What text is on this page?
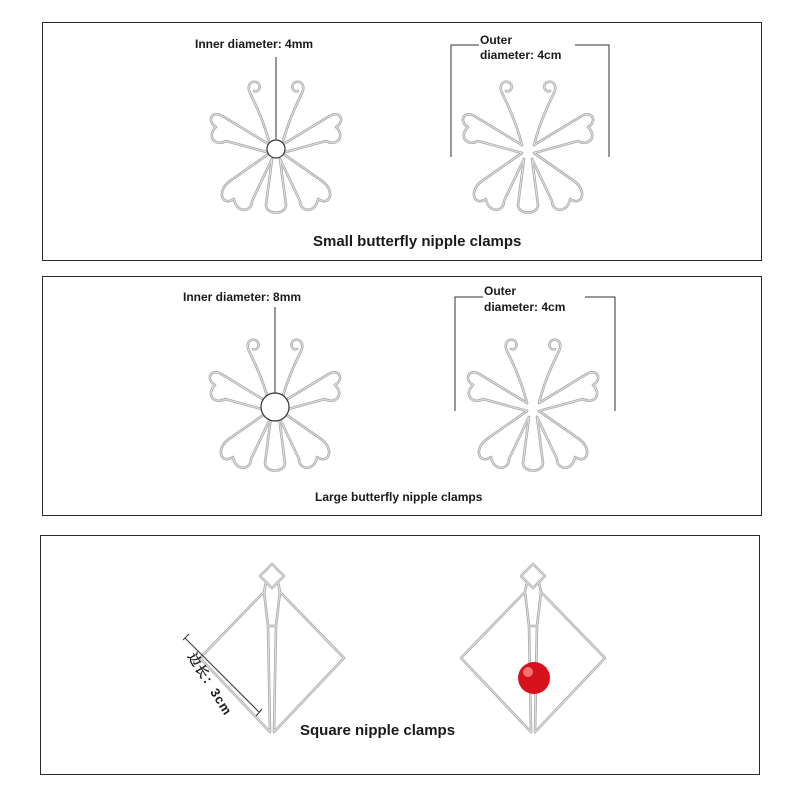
Inner diameter: 4mm	Outer
diameter: 4cm
Small butterfly nipple clamps
Inner diameter: 8mm	Outer
diameter: 4cm
Large butterfly nipple clamps
边长：3cm
Square nipple clamps
